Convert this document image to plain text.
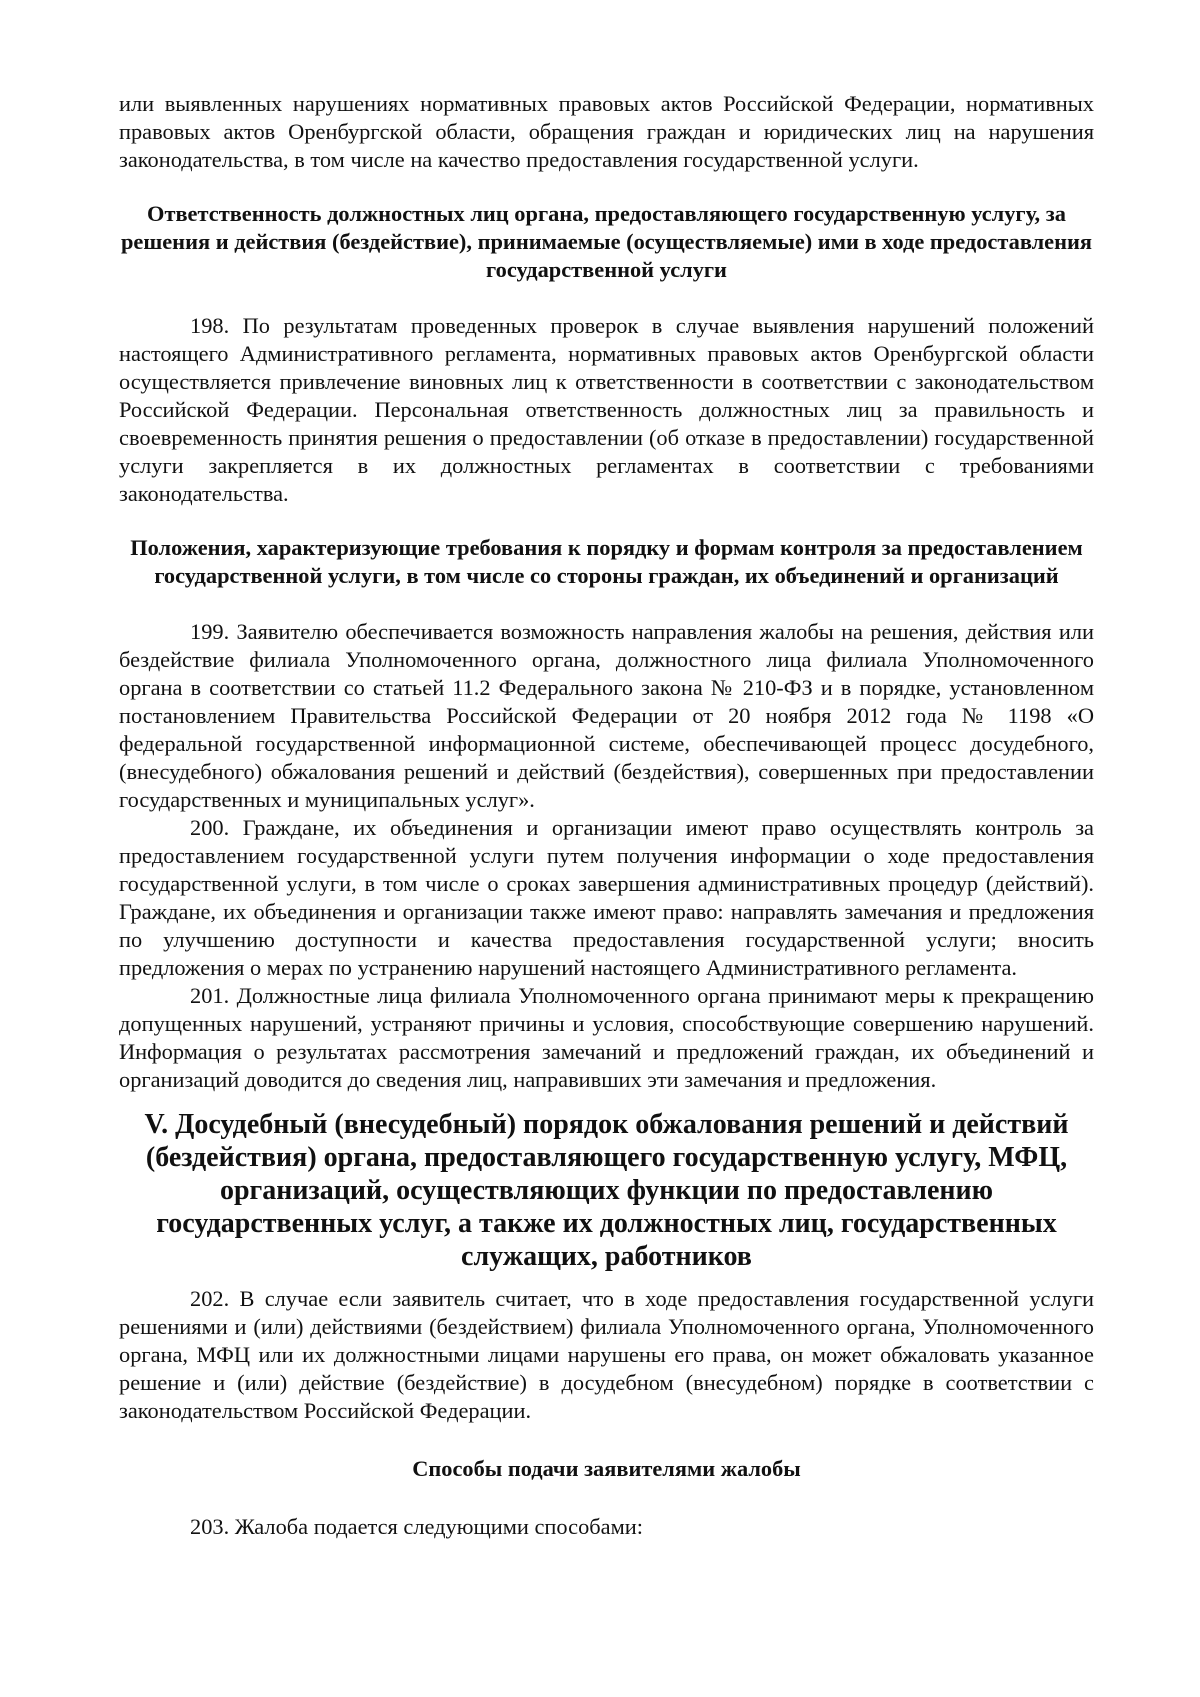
или выявленных нарушениях нормативных правовых актов Российской Федерации, нормативных правовых актов Оренбургской области, обращения граждан и юридических лиц на нарушения законодательства, в том числе на качество предоставления государственной услуги.

Ответственность должностных лиц органа, предоставляющего государственную услугу, за решения и действия (бездействие), принимаемые (осуществляемые) ими в ходе предоставления государственной услуги

198. По результатам проведенных проверок в случае выявления нарушений положений настоящего Административного регламента, нормативных правовых актов Оренбургской области осуществляется привлечение виновных лиц к ответственности в соответствии с законодательством Российской Федерации. Персональная ответственность должностных лиц за правильность и своевременность принятия решения о предоставлении (об отказе в предоставлении) государственной услуги закрепляется в их должностных регламентах в соответствии с требованиями законодательства.

Положения, характеризующие требования к порядку и формам контроля за предоставлением государственной услуги, в том числе со стороны граждан, их объединений и организаций

199. Заявителю обеспечивается возможность направления жалобы на решения, действия или бездействие филиала Уполномоченного органа, должностного лица филиала Уполномоченного органа в соответствии со статьей 11.2 Федерального закона № 210-ФЗ и в порядке, установленном постановлением Правительства Российской Федерации от 20 ноября 2012 года № 1198 «О федеральной государственной информационной системе, обеспечивающей процесс досудебного, (внесудебного) обжалования решений и действий (бездействия), совершенных при предоставлении государственных и муниципальных услуг».

200. Граждане, их объединения и организации имеют право осуществлять контроль за предоставлением государственной услуги путем получения информации о ходе предоставления государственной услуги, в том числе о сроках завершения административных процедур (действий). Граждане, их объединения и организации также имеют право: направлять замечания и предложения по улучшению доступности и качества предоставления государственной услуги; вносить предложения о мерах по устранению нарушений настоящего Административного регламента.

201. Должностные лица филиала Уполномоченного органа принимают меры к прекращению допущенных нарушений, устраняют причины и условия, способствующие совершению нарушений. Информация о результатах рассмотрения замечаний и предложений граждан, их объединений и организаций доводится до сведения лиц, направивших эти замечания и предложения.

V. Досудебный (внесудебный) порядок обжалования решений и действий (бездействия) органа, предоставляющего государственную услугу, МФЦ, организаций, осуществляющих функции по предоставлению государственных услуг, а также их должностных лиц, государственных служащих, работников

202. В случае если заявитель считает, что в ходе предоставления государственной услуги решениями и (или) действиями (бездействием) филиала Уполномоченного органа, Уполномоченного органа, МФЦ или их должностными лицами нарушены его права, он может обжаловать указанное решение и (или) действие (бездействие) в досудебном (внесудебном) порядке в соответствии с законодательством Российской Федерации.

Способы подачи заявителями жалобы

203. Жалоба подается следующими способами:
